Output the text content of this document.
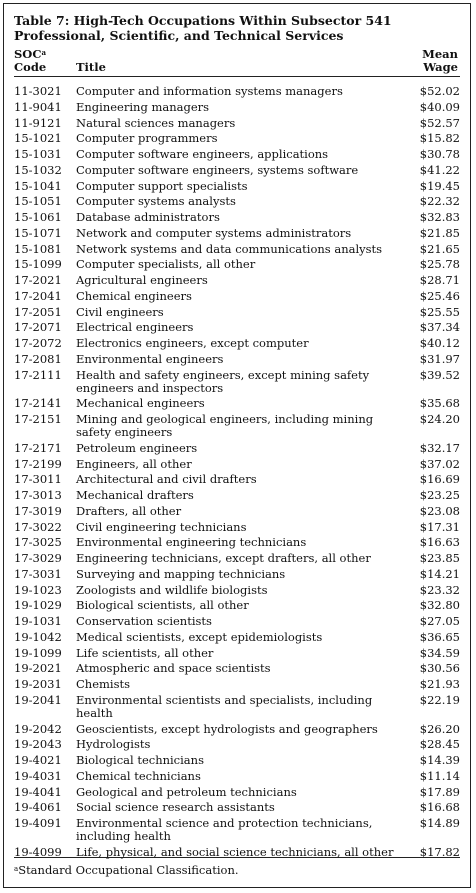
Table 7: High-Tech Occupations Within Subsector 541 Professional, Scientific, and Technical Services
SOC$^a$
Code	Title
Mean
Wage
11-3021	Computer and information systems managers	$52.02
11-9041	Engineering managers	$40.09
11-9121	Natural sciences managers	$52.57
15-1021	Computer programmers	$15.82
15-1031	Computer software engineers, applications	$30.78
15-1032	Computer software engineers, systems software	$41.22
15-1041	Computer support specialists	$19.45
15-1051	Computer systems analysts	$22.32
15-1061	Database administrators	$32.83
15-1071	Network and computer systems administrators	$21.85
15-1081	Network systems and data communications analysts	$21.65
15-1099	Computer specialists, all other	$25.78
17-2021	Agricultural engineers	$28.71
17-2041	Chemical engineers	$25.46
17-2051	Civil engineers	$25.55
17-2071	Electrical engineers	$37.34
17-2072	Electronics engineers, except computer	$40.12
17-2081	Environmental engineers	$31.97
17-2111	Health and safety engineers, except mining safety engineers and inspectors
$39.52
17-2141	Mechanical engineers	$35.68
17-2151	Mining and geological engineers, including mining safety engineers
$24.20
17-2171	Petroleum engineers	$32.17
17-2199	Engineers, all other	$37.02
17-3011	Architectural and civil drafters	$16.69
17-3013	Mechanical drafters	$23.25
17-3019	Drafters, all other	$23.08
17-3022	Civil engineering technicians	$17.31
17-3025	Environmental engineering technicians	$16.63
17-3029	Engineering technicians, except drafters, all other	$23.85
17-3031	Surveying and mapping technicians	$14.21
19-1023	Zoologists and wildlife biologists	$23.32
19-1029	Biological scientists, all other	$32.80
19-1031	Conservation scientists	$27.05
19-1042	Medical scientists, except epidemiologists	$36.65
19-1099	Life scientists, all other	$34.59
19-2021	Atmospheric and space scientists	$30.56
19-2031	Chemists	$21.93
19-2041	Environmental scientists and specialists, including health
$22.19
19-2042	Geoscientists, except hydrologists and geographers	$26.20
19-2043	Hydrologists	$28.45
19-4021	Biological technicians	$14.39
19-4031	Chemical technicians	$11.14
19-4041	Geological and petroleum technicians	$17.89
19-4061	Social science research assistants	$16.68
19-4091	Environmental science and protection technicians, including health
$14.89
19-4099	Life, physical, and social science technicians, all other	$17.82
$^a$Standard Occupational Classification.
